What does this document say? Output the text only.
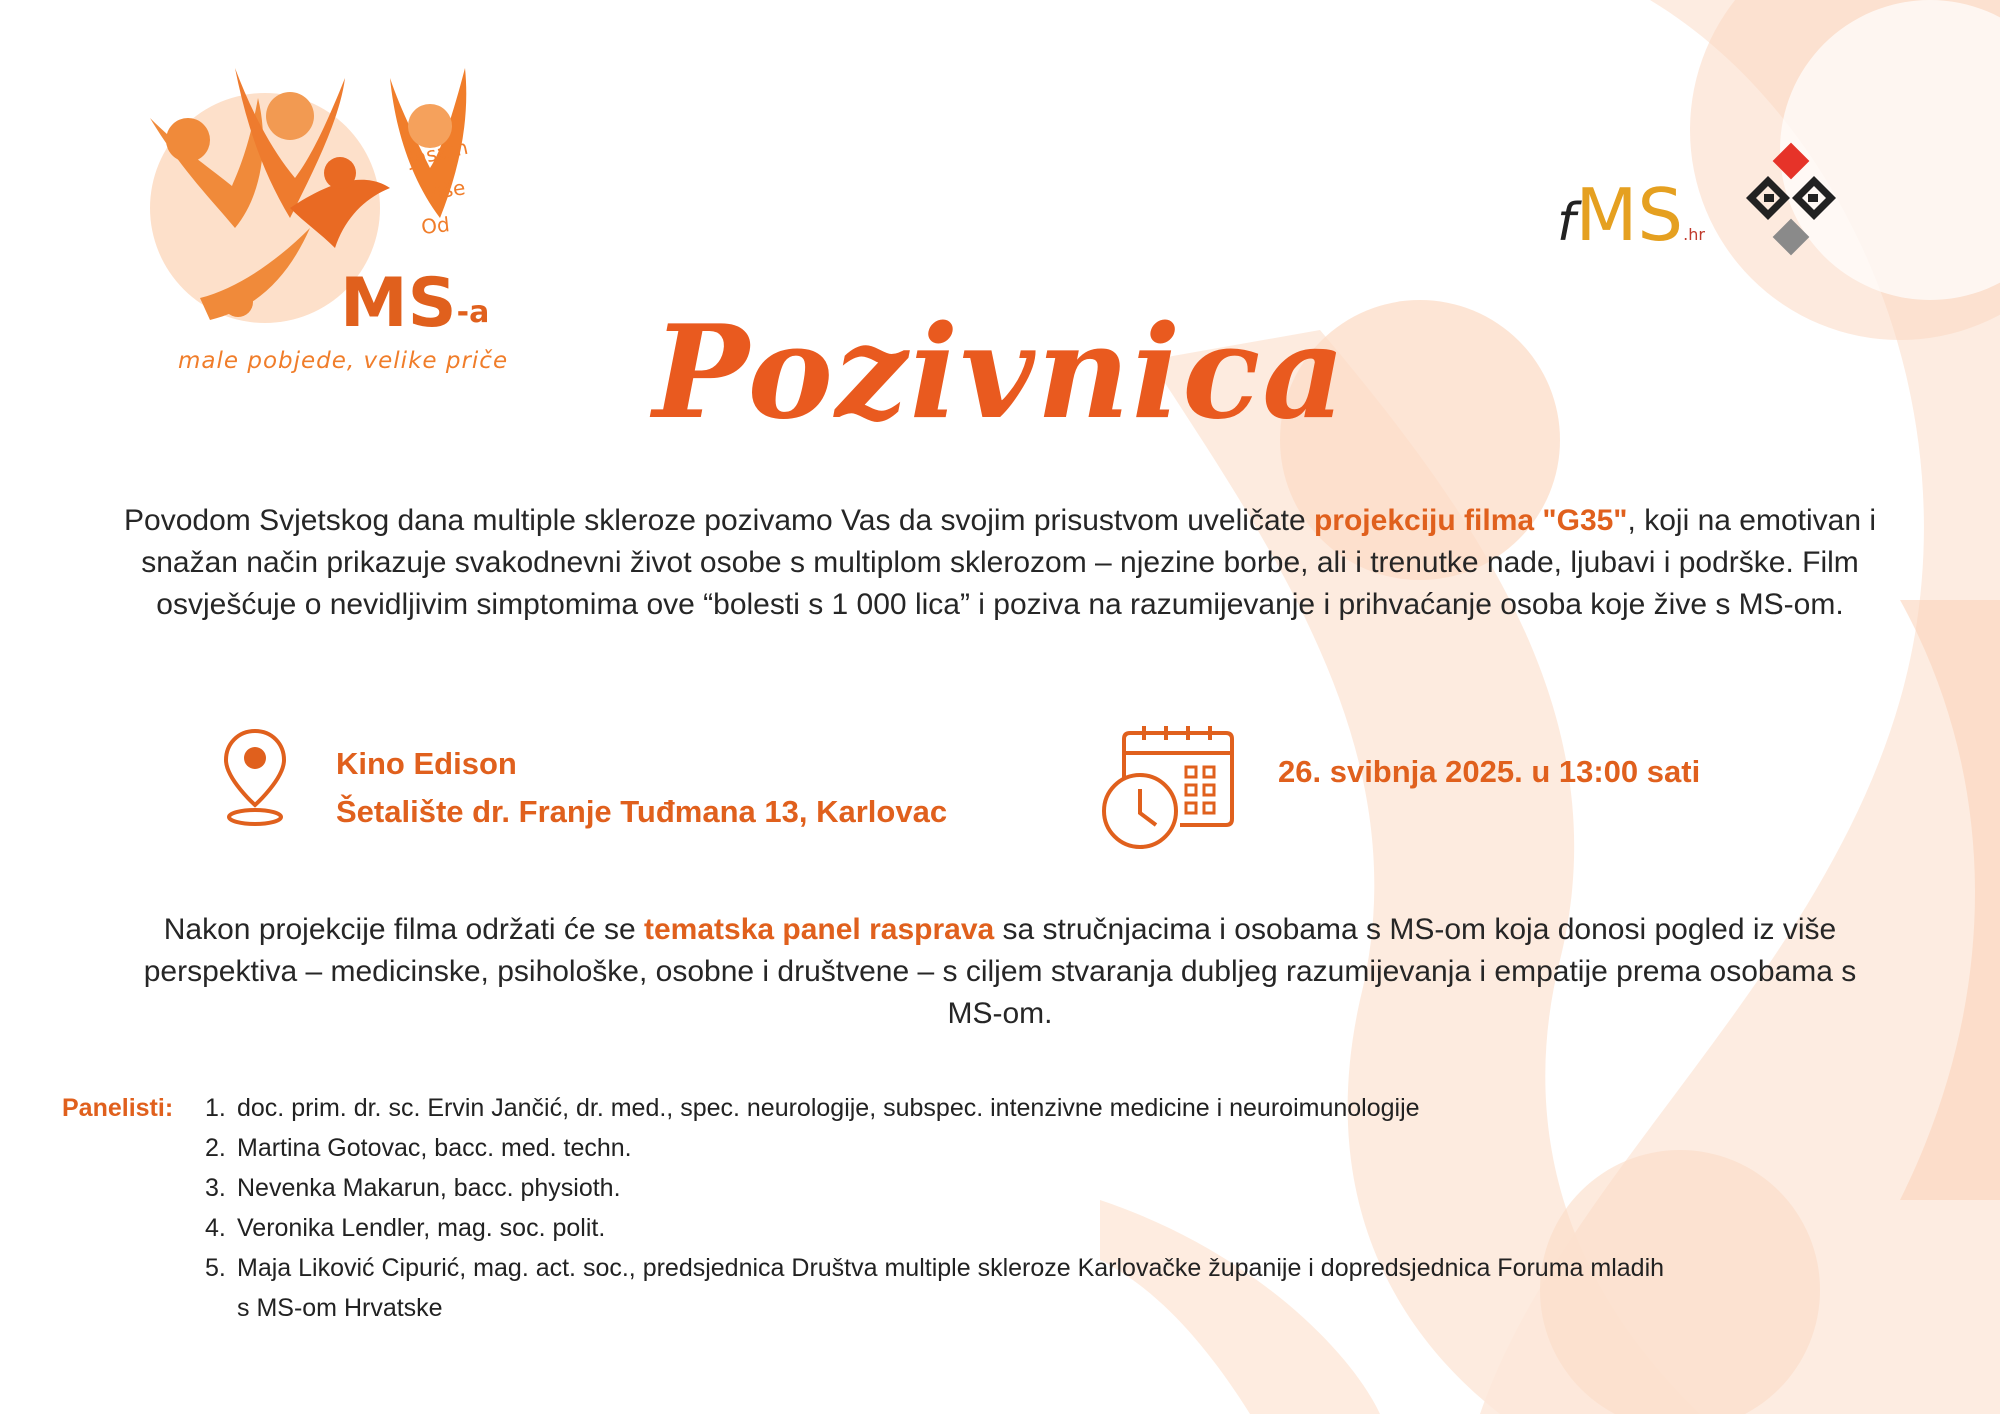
Jasam
Više
Od
MS-a
male pobjede, velike priče
fMS.hr
Pozivnica

Povodom Svjetskog dana multiple skleroze pozivamo Vas da svojim prisustvom uveličate projekciju filma "G35", koji na emotivan i snažan način prikazuje svakodnevni život osobe s multiplom sklerozom – njezine borbe, ali i trenutke nade, ljubavi i podrške. Film osvješćuje o nevidljivim simptomima ove “bolesti s 1 000 lica” i poziva na razumijevanje i prihvaćanje osoba koje žive s MS-om.

Kino Edison
Šetalište dr. Franje Tuđmana 13, Karlovac
26. svibnja 2025. u 13:00 sati

Nakon projekcije filma održati će se tematska panel rasprava sa stručnjacima i osobama s MS-om koja donosi pogled iz više perspektiva – medicinske, psihološke, osobne i društvene – s ciljem stvaranja dubljeg razumijevanja i empatije prema osobama s MS-om.

Panelisti: 1. doc. prim. dr. sc. Ervin Jančić, dr. med., spec. neurologije, subspec. intenzivne medicine i neuroimunologije
2. Martina Gotovac, bacc. med. techn.
3. Nevenka Makarun, bacc. physioth.
4. Veronika Lendler, mag. soc. polit.
5. Maja Liković Cipurić, mag. act. soc., predsjednica Društva multiple skleroze Karlovačke županije i dopredsjednica Foruma mladih s MS-om Hrvatske
